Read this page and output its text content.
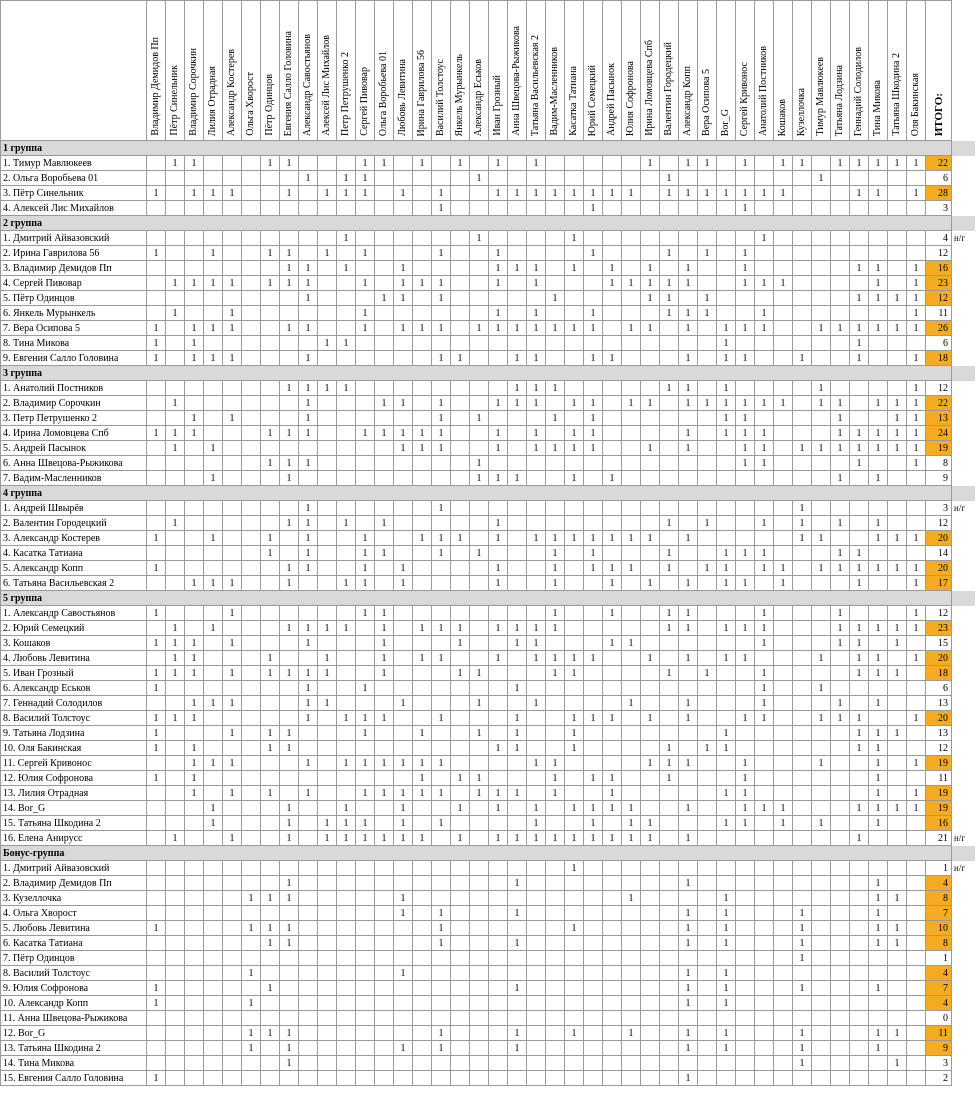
	Владимир Демидов Пп	Пётр Синельник	Владимир Сорочкин	Лилия Отрадная	Александр Костерев	Ольга Хворост	Пётр Одинцов	Евгения Салло Головина	Александр Савостьянов	Алексей Лис Михайлов	Петр Петрушенко 2	Сергей Пивовар	Ольга Воробьева 01	Любовь Левитина	Ирина Гаврилова 56	Василий Толстоус	Янкель Мурынкель	Александр Еськов	Иван Грозный	Анна Швецова-Рыжикова	Татьяна Васильевская 2	Вадим-Масленников	Касатка Татиана	Юрий Семецкий	Андрей Пасынок	Юлия Софронова	Ирина Ломовцева Спб	Валентин Городецкий	Александр Копп	Вера Осипова 5	Bor_G	Сергей Кривонос	Анатолий Постников	Кошаков	Кузеллочка	Тимур Мавлюкеев	Татьяна Лодзина	Геннадий Солодилов	Тина Микова	Татьяна Шкодина 2	Оля Бакинская	ИТОГО:	
1 группа																																											
1. Тимур Мавлюкеев		1	1				1	1				1	1		1		1		1		1						1		1	1		1		1	1		1	1	1	1	1	22	
2. Ольга Воробьева 01									1		1	1						1										1								1						6	
3. Пётр Синельник	1		1	1	1			1		1	1	1		1		1			1	1	1	1	1	1	1	1		1	1	1	1	1	1	1				1	1		1	28	
4. Алексей Лис Михайлов																1								1								1										3	
2 группа																																											
1. Дмитрий Айвазовский											1							1					1										1									4	н/г
2. Ирина Гаврилова 56	1			1			1	1		1		1				1			1					1				1		1		1										12	
3. Владимир Демидов Пп								1	1		1			1					1	1	1		1		1		1		1			1						1	1		1	16	
4. Сергей Пивовар		1	1	1	1		1	1	1			1		1	1	1			1		1				1	1	1	1	1			1	1	1					1		1	23	
5. Пётр Одинцов									1				1	1		1						1					1	1		1								1	1	1	1	12	
6. Янкель Мурынкель		1			1							1							1		1			1				1	1	1			1								1	11	
7. Вера Осипова 5	1		1	1	1			1	1			1		1	1	1		1	1	1	1	1	1	1		1	1		1		1	1	1			1	1	1	1	1	1	26	
8. Тина Микова	1		1							1	1																				1							1				6	
9. Евгения Салло Головина	1		1	1	1				1							1	1			1	1			1	1				1		1	1			1			1			1	18	
3 группа																																											
1. Анатолий Постников								1	1	1	1									1	1	1						1	1		1					1					1	12	
2. Владимир Сорочкин		1							1				1	1		1			1	1	1		1	1		1	1		1	1	1	1	1	1		1	1		1	1	1	22	
3. Петр Петрушенко 2			1		1				1							1		1				1		1							1	1					1			1	1	13	
4. Ирина Ломовцева Спб	1	1	1				1	1	1			1	1	1	1	1			1		1		1	1					1		1	1	1				1	1	1	1	1	24	
5. Андрей Пасынок		1		1										1	1	1			1		1	1	1	1			1		1			1	1		1	1	1	1	1	1	1	19	
6. Анна Швецова-Рыжикова							1	1	1									1														1	1					1			1	8	
7. Вадим-Масленников				1				1										1	1	1			1		1												1		1			9	
4 группа																																											
1. Андрей Швырёв									1							1																			1							3	н/г
2. Валентин Городецкий		1						1	1		1		1						1									1		1			1		1		1		1			12	
3. Александр Костерев	1			1			1		1			1			1	1	1		1		1	1	1	1	1	1	1		1						1	1			1	1	1	20	
4. Касатка Татиана							1		1			1	1			1		1				1		1				1			1	1	1				1	1				14	
5. Александр Копп	1							1	1			1		1					1			1		1	1	1		1		1	1		1	1		1	1	1	1	1	1	20	
6. Татьяна Васильевская 2			1	1	1			1			1	1		1					1			1			1		1		1		1	1		1				1			1	17	
5 группа																																											
1. Александр Савостьянов	1				1							1	1									1			1			1	1				1				1				1	12	
2. Юрий Семецкий		1		1				1	1	1	1		1		1	1	1		1	1	1	1						1	1		1	1	1				1	1	1	1	1	23	
3. Кошаков	1	1	1		1				1				1				1			1	1				1	1							1				1	1		1		15	
4. Любовь Левитина		1	1				1			1			1		1	1			1		1	1	1	1			1		1		1	1				1		1	1		1	20	
5. Иван Грозный	1	1	1		1		1	1	1	1			1				1	1				1	1					1		1			1					1	1	1		18	
6. Александр Еськов	1								1			1								1													1			1						6	
7. Геннадий Солодилов			1	1	1				1	1				1				1			1					1			1				1				1		1			13	
8. Василий Толстоус	1	1	1						1		1	1	1			1				1			1	1	1		1		1			1	1			1	1	1			1	20	
9. Татьяна Лодзина	1				1		1	1				1			1			1		1			1								1							1	1	1		13	
10. Оля Бакинская	1		1				1	1											1	1			1					1		1	1							1	1			12	
11. Сергей Кривонос			1	1	1				1		1	1	1	1	1	1					1	1					1	1	1			1				1			1		1	19	
12. Юлия Софронова	1		1												1		1	1				1		1	1			1				1							1			11	
13. Лилия Отрадная			1		1		1		1			1	1	1	1	1		1	1	1		1			1						1	1							1		1	19	
14. Bor_G				1				1			1			1			1		1		1		1	1	1	1			1			1	1	1				1	1	1	1	19	
15. Татьяна Шкодина 2				1				1		1	1	1		1		1					1			1		1	1				1	1		1		1			1			16	
16. Елена Анирусс		1			1			1		1	1	1	1	1	1		1		1	1	1	1	1	1	1	1	1		1									1				21	н/г
Бонус-группа																																											
1. Дмитрий Айвазовский																							1																			1	н/г
2. Владимир Демидов Пп								1												1									1										1			4	
3. Кузеллочка						1	1	1						1												1					1								1	1		8	
4. Ольга Хворост														1		1				1									1		1				1				1			7	
5. Любовь Левитина	1					1	1	1								1							1						1		1				1				1	1		10	
6. Касатка Татиана							1	1								1				1									1		1				1				1	1		8	
7. Пётр Одинцов																																			1							1	
8. Василий Толстоус						1								1															1		1											4	
9. Юлия Софронова	1						1													1									1		1				1				1			7	
10. Александр Копп	1					1																							1		1											4	
11. Анна Швецова-Рыжикова																																										0	
12. Bor_G						1	1	1								1				1			1			1			1		1				1				1	1		11	
13. Татьяна Шкодина 2						1		1						1		1				1									1		1				1				1			9	
14. Тина Микова								1																											1					1		3	
15. Евгения Салло Головина	1																												1													2	
